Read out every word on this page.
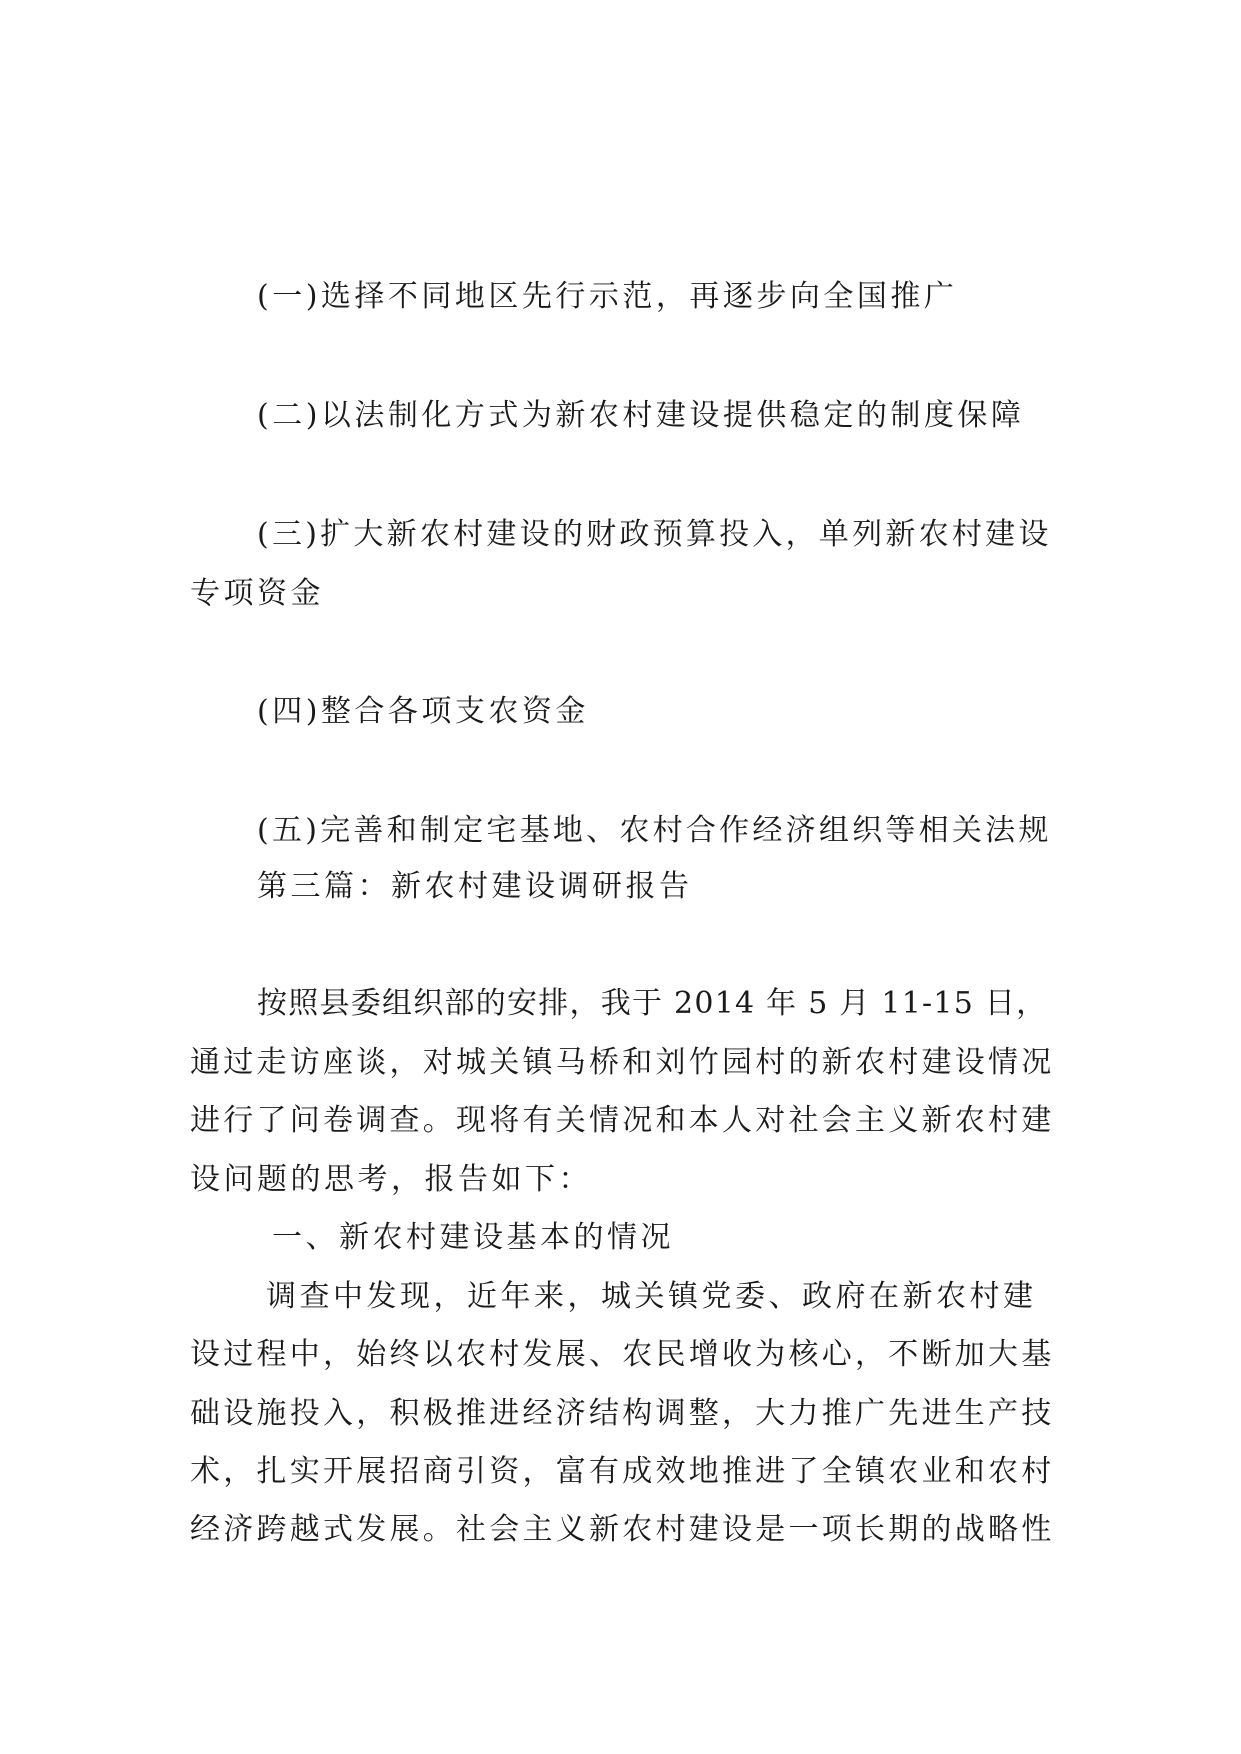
(一)选择不同地区先行示范，再逐步向全国推广
(二)以法制化方式为新农村建设提供稳定的制度保障
(三)扩大新农村建设的财政预算投入，单列新农村建设
专项资金
(四)整合各项支农资金
(五)完善和制定宅基地、农村合作经济组织等相关法规
第三篇：新农村建设调研报告
按照县委组织部的安排，我于 2014 年 5 月 11-15 日，
通过走访座谈，对城关镇马桥和刘竹园村的新农村建设情况
进行了问卷调查。现将有关情况和本人对社会主义新农村建
设问题的思考，报告如下：
一、新农村建设基本的情况
调查中发现，近年来，城关镇党委、政府在新农村建
设过程中，始终以农村发展、农民增收为核心，不断加大基
础设施投入，积极推进经济结构调整，大力推广先进生产技
术，扎实开展招商引资，富有成效地推进了全镇农业和农村
经济跨越式发展。社会主义新农村建设是一项长期的战略性
